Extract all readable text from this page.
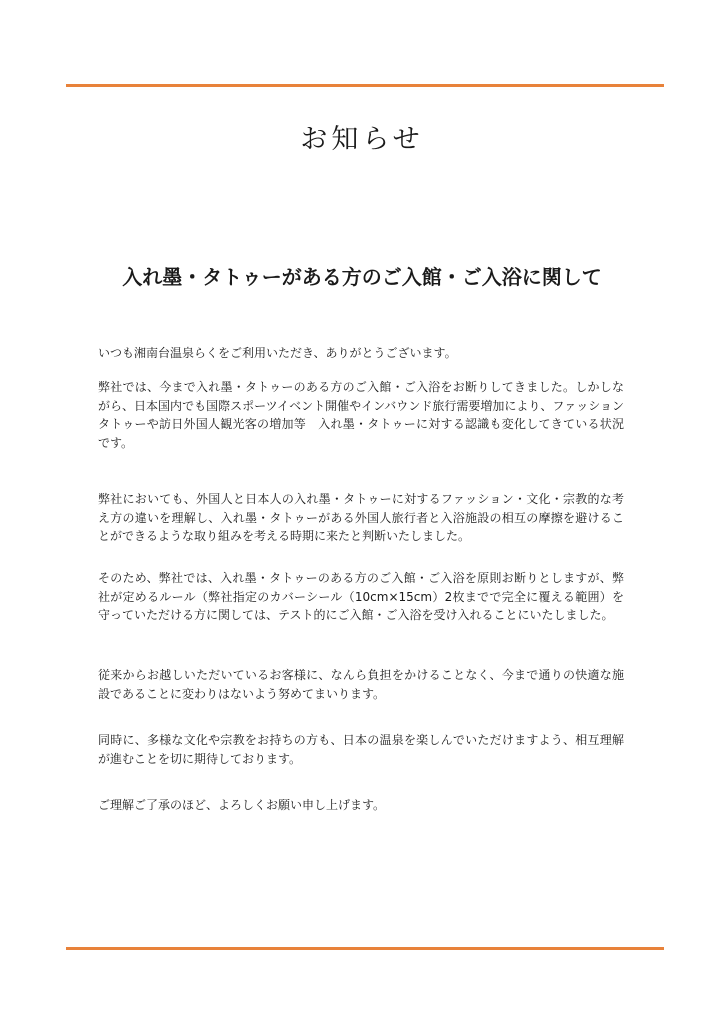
お知らせ
入れ墨・タトゥーがある方のご入館・ご入浴に関して

いつも湘南台温泉らくをご利用いただき、ありがとうございます。

弊社では、今まで入れ墨・タトゥーのある方のご入館・ご入浴をお断りしてきました。しかしながら、日本国内でも国際スポーツイベント開催やインバウンド旅行需要増加により、ファッションタトゥーや訪日外国人観光客の増加等　入れ墨・タトゥーに対する認識も変化してきている状況です。

弊社においても、外国人と日本人の入れ墨・タトゥーに対するファッション・文化・宗教的な考え方の違いを理解し、入れ墨・タトゥーがある外国人旅行者と入浴施設の相互の摩擦を避けることができるような取り組みを考える時期に来たと判断いたしました。

そのため、弊社では、入れ墨・タトゥーのある方のご入館・ご入浴を原則お断りとしますが、弊社が定めるルール（弊社指定のカバーシール（10cm×15cm）2枚までで完全に覆える範囲）を守っていただける方に関しては、テスト的にご入館・ご入浴を受け入れることにいたしました。

従来からお越しいただいているお客様に、なんら負担をかけることなく、今まで通りの快適な施設であることに変わりはないよう努めてまいります。

同時に、多様な文化や宗教をお持ちの方も、日本の温泉を楽しんでいただけますよう、相互理解が進むことを切に期待しております。

ご理解ご了承のほど、よろしくお願い申し上げます。
